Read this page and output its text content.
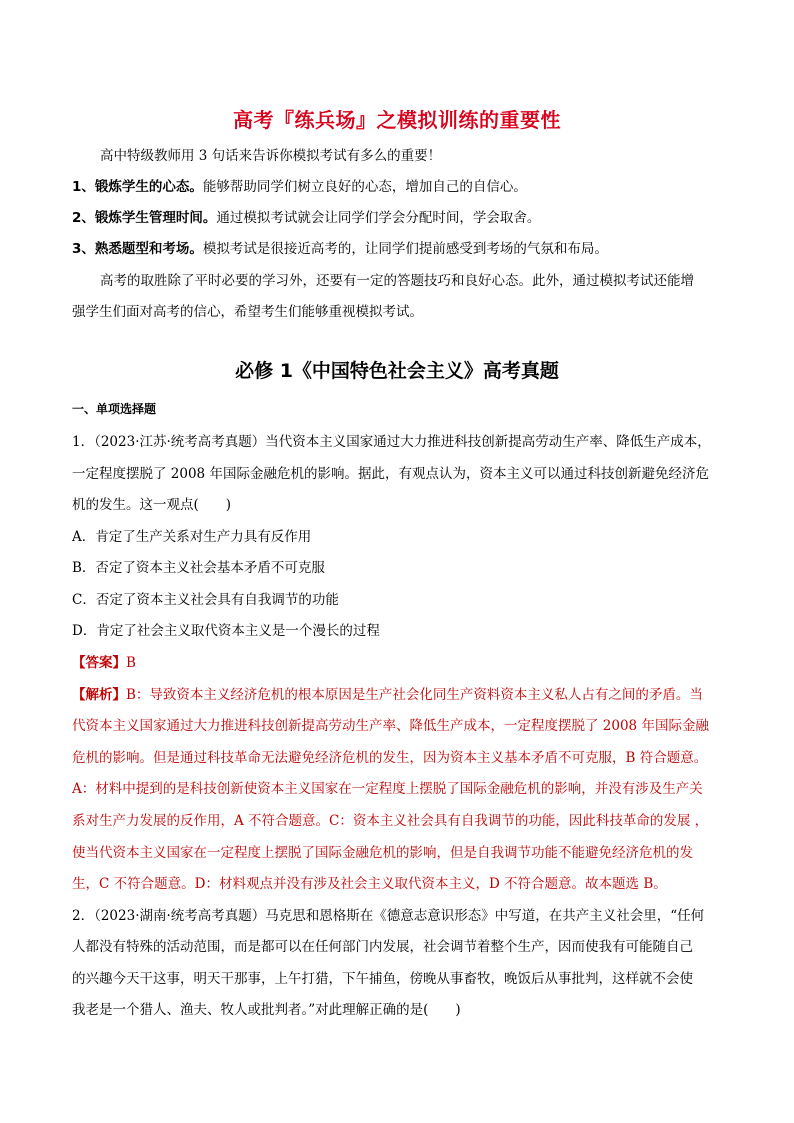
高考『练兵场』之模拟训练的重要性
高中特级教师用 3 句话来告诉你模拟考试有多么的重要！
1、锻炼学生的心态。能够帮助同学们树立良好的心态，增加自己的自信心。
2、锻炼学生管理时间。通过模拟考试就会让同学们学会分配时间，学会取舍。
3、熟悉题型和考场。模拟考试是很接近高考的，让同学们提前感受到考场的气氛和布局。
高考的取胜除了平时必要的学习外，还要有一定的答题技巧和良好心态。此外，通过模拟考试还能增
强学生们面对高考的信心，希望考生们能够重视模拟考试。
必修 1《中国特色社会主义》高考真题
一、单项选择题
1．（2023·江苏·统考高考真题）当代资本主义国家通过大力推进科技创新提高劳动生产率、降低生产成本，
一定程度摆脱了 2008 年国际金融危机的影响。据此，有观点认为，资本主义可以通过科技创新避免经济危
机的发生。这一观点(　　)
A．肯定了生产关系对生产力具有反作用
B．否定了资本主义社会基本矛盾不可克服
C．否定了资本主义社会具有自我调节的功能
D．肯定了社会主义取代资本主义是一个漫长的过程
【答案】B
【解析】B：导致资本主义经济危机的根本原因是生产社会化同生产资料资本主义私人占有之间的矛盾。当
代资本主义国家通过大力推进科技创新提高劳动生产率、降低生产成本，一定程度摆脱了 2008 年国际金融
危机的影响。但是通过科技革命无法避免经济危机的发生，因为资本主义基本矛盾不可克服，B 符合题意。
A：材料中提到的是科技创新使资本主义国家在一定程度上摆脱了国际金融危机的影响，并没有涉及生产关
系对生产力发展的反作用，A 不符合题意。C：资本主义社会具有自我调节的功能，因此科技革命的发展 ，
使当代资本主义国家在一定程度上摆脱了国际金融危机的影响，但是自我调节功能不能避免经济危机的发
生，C 不符合题意。D：材料观点并没有涉及社会主义取代资本主义，D 不符合题意。故本题选 B。
2．（2023·湖南·统考高考真题）马克思和恩格斯在《德意志意识形态》中写道，在共产主义社会里，“任何
人都没有特殊的活动范围，而是都可以在任何部门内发展，社会调节着整个生产，因而使我有可能随自己
的兴趣今天干这事，明天干那事，上午打猎，下午捕鱼，傍晚从事畜牧，晚饭后从事批判，这样就不会使
我老是一个猎人、渔夫、牧人或批判者。”对此理解正确的是(　　)
